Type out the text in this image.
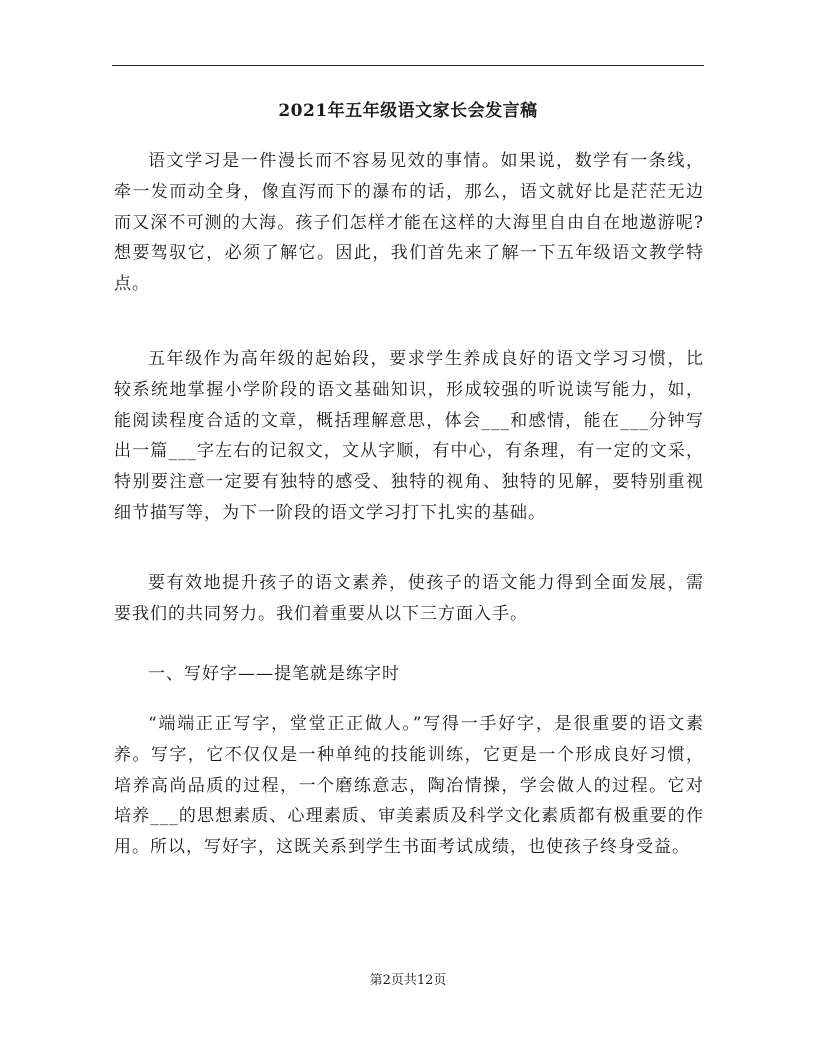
2021年五年级语文家长会发言稿

语文学习是一件漫长而不容易见效的事情。如果说，数学有一条线，牵一发而动全身，像直泻而下的瀑布的话，那么，语文就好比是茫茫无边而又深不可测的大海。孩子们怎样才能在这样的大海里自由自在地遨游呢?想要驾驭它，必须了解它。因此，我们首先来了解一下五年级语文教学特点。

五年级作为高年级的起始段，要求学生养成良好的语文学习习惯，比较系统地掌握小学阶段的语文基础知识，形成较强的听说读写能力，如，能阅读程度合适的文章，概括理解意思，体会___和感情，能在___分钟写出一篇___字左右的记叙文，文从字顺，有中心，有条理，有一定的文采，特别要注意一定要有独特的感受、独特的视角、独特的见解，要特别重视细节描写等，为下一阶段的语文学习打下扎实的基础。

要有效地提升孩子的语文素养，使孩子的语文能力得到全面发展，需要我们的共同努力。我们着重要从以下三方面入手。

一、写好字——提笔就是练字时

“端端正正写字，堂堂正正做人。”写得一手好字，是很重要的语文素养。写字，它不仅仅是一种单纯的技能训练，它更是一个形成良好习惯，培养高尚品质的过程，一个磨练意志，陶冶情操，学会做人的过程。它对培养___的思想素质、心理素质、审美素质及科学文化素质都有极重要的作用。所以，写好字，这既关系到学生书面考试成绩，也使孩子终身受益。

第2页共12页
